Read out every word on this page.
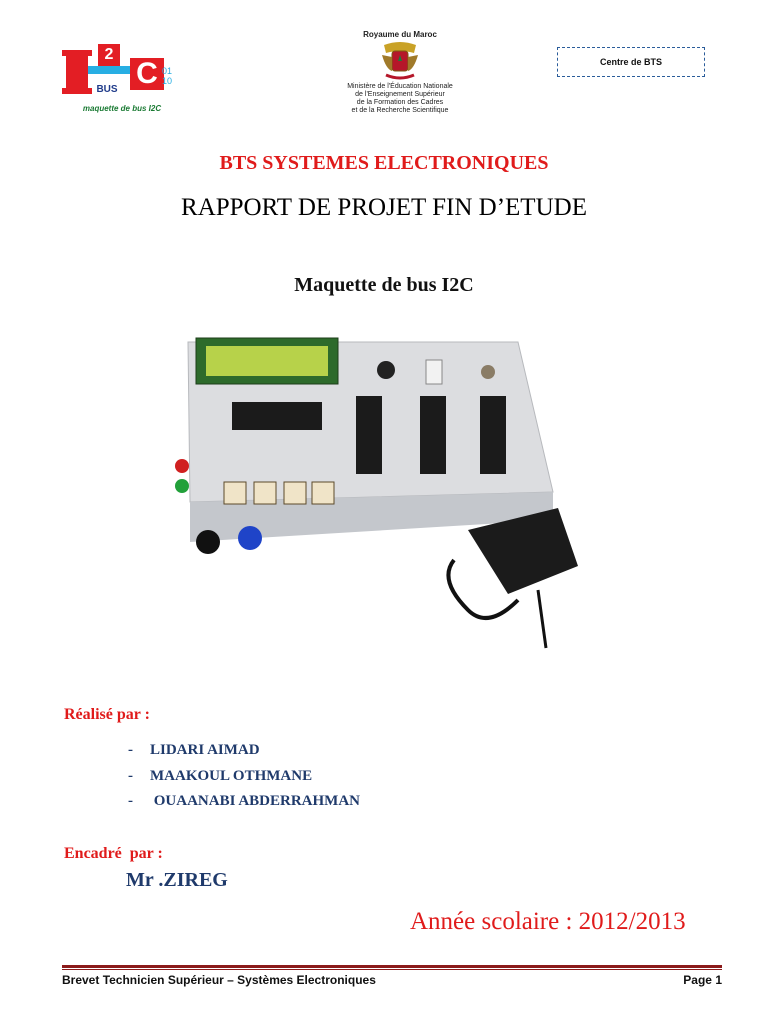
2
C
BUS
01
10
maquette de bus I2C

Royaume du Maroc

Ministère de l'Éducation Nationale

de l'Enseignement Supérieur

de la Formation des Cadres

et de la Recherche Scientifique

Centre de BTS
BTS SYSTEMES ELECTRONIQUES
RAPPORT DE PROJET FIN D’ETUDE
Maquette de bus I2C
Réalisé par :
- LIDARI AIMAD
- MAAKOUL OTHMANE
- OUAANABI ABDERRAHMAN
Encadré  par :
Mr .ZIREG
Année scolaire : 2012/2013
Brevet Technicien Supérieur – Systèmes Electroniques	Page 1
